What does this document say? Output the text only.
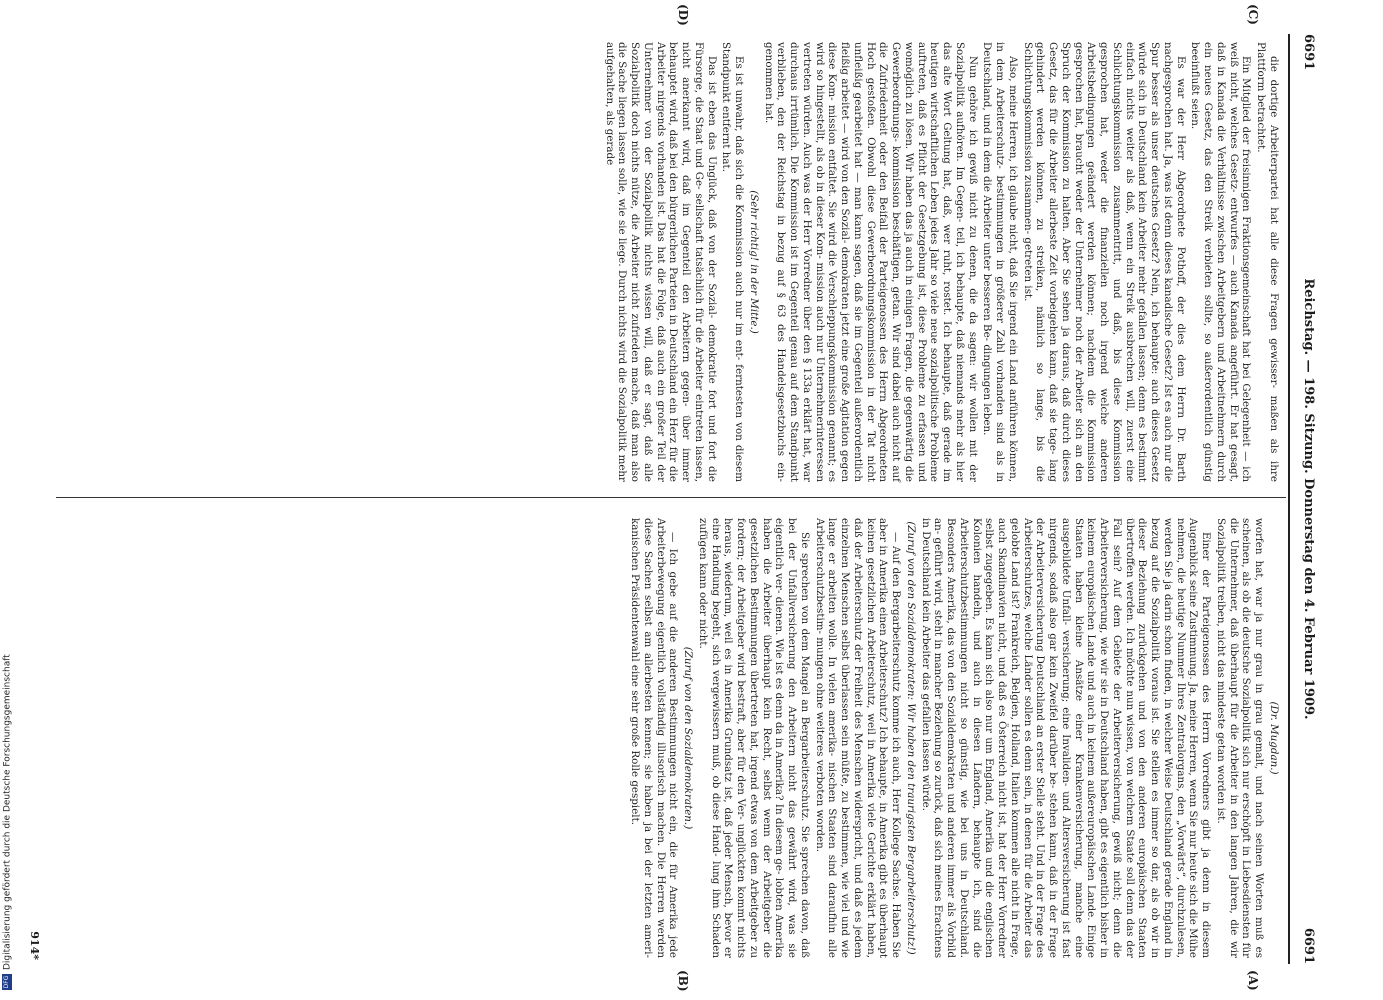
6691
Reichstag. — 198. Sitzung. Donnerstag den 4. Februar 1909.
6691
(C)
(D)
(A)
(B)

die dortige Arbeiterpartei hat alle diese Fragen gewisser- maßen als ihre Plattform betrachtet.

Ein Mitglied der freisinnigen Fraktionsgemeinschaft hat bei Gelegenheit — ich weiß nicht, welches Gesetz- entwurfes — auch Kanada angeführt. Er hat gesagt, daß in Kanada die Verhältnisse zwischen Arbeitgebern und Arbeitnehmern durch ein neues Gesetz, das den Streik verbieten sollte, so außerordentlich günstig beeinflußt seien.

Es war der Herr Abgeordnete Pothoff, der dies dem Herrn Dr. Barth nachgesprochen hat. Ja, was ist denn dieses kanadische Gesetz? Ist es auch nur die Spur besser als unser deutsches Gesetz? Nein, ich behaupte: auch dieses Gesetz würde sich in Deutschland kein Arbeiter mehr gefallen lassen; denn es bestimmt einfach nichts weiter als daß, wenn ein Streik ausbrechen will, zuerst eine Schlichtungskommission zusammentritt, und daß, bis diese Kommission gesprochen hat, weder die finanziellen noch irgend welche anderen Arbeitsbedingungen geändert werden können; nachdem die Kommission gesprochen hat, braucht weder der Unternehmer noch der Arbeiter sich an den Spruch der Kommission zu halten. Aber Sie sehen ja daraus, daß durch dieses Gesetz, das für die Arbeiter allerbeste Zeit vorbeigehen kann, daß sie tage- lang gehindert werden können, zu streiken, nämlich so lange, bis die Schlichtungskommission zusammen- getreten ist.

Also, meine Herren, ich glaube nicht, daß Sie irgend ein Land anführen können, in dem Arbeiterschutz- bestimmungen in größerer Zahl vorhanden sind als in Deutschland, und in dem die Arbeiter unter besseren Be- dingungen leben.

Nun gehöre ich gewiß nicht zu denen, die da sagen: wir wollen mit der Sozialpolitik aufhören. Im Gegen- teil, ich behaupte, daß niemands mehr als hier das alte Wort Geltung hat, daß, wer ruht, rostet. Ich behaupte, daß gerade im heutigen wirtschaftlichen Leben jedes Jahr so viele neue sozialpolitische Probleme auftreten, daß es Pflicht der Gesetzgebung ist, diese Probleme zu erfassen und womöglich zu lösen. Wir haben das ja auch in einigen Fragen, die gegenwärtig die Gewerbeordnungs- kommission beschäftigen, getan. Wir sind dabei auch nicht auf die Zufriedenheit oder den Beifall der Parteigenossen des Herrn Abgeordneten Hoch gestoßen. Obwohl diese Gewerbeordnungskommission in der Tat nicht unfleißig gearbeitet hat — man kann sagen, daß sie im Gegenteil außerordentlich fleißig arbeitet — wird von den Sozial- demokraten jetzt eine große Agitation gegen diese Kom- mission entfaltet. Sie wird die Verschleppungskommission genannt; es wird so hingestellt, als ob in dieser Kom- mission auch nur Unternehmerinteressen vertreten würden. Auch was der Herr Vorredner über den § 133a erklärt hat, war durchaus irrtümlich. Die Kommission ist im Gegenteil genau auf dem Standpunkt verblieben, den der Reichstag in bezug auf § 63 des Handelsgesetzbuchs ein- genommen hat.

(Sehr richtig! in der Mitte.)

Es ist unwahr, daß sich die Kommission auch nur im ent- ferntesten von diesem Standpunkt entfernt hat.

Das ist eben das Unglück, daß von der Sozial- demokratie fort und fort die Fürsorge, die Staat und Ge- sellschaft tatsächlich für die Arbeiter eintreten lassen, nicht anerkannt wird, daß im Gegenteil den Arbeitern gegen- über immer behauptet wird, daß bei den bürgerlichen Parteien in Deutschland ein Herz für die Arbeiter nirgends vorhanden ist. Das hat die Folge, daß auch ein großer Teil der Unternehmer von der Sozialpolitik nichts wissen will, daß er sagt, daß alle Sozialpolitik doch nichts nütze, die Arbeiter nicht zufrieden mache, daß man also die Sache liegen lassen solle, wie sie liege. Durch nichts wird die Sozialpolitik mehr aufgehalten, als gerade

(Dr. Mugdan.)

worfen hat, war ja nur grau in grau gemalt, und nach seinen Worten muß es scheinen, als ob die deutsche Sozialpolitik sich nur erschöpft in Liebesdiensten für die Unternehmer, daß überhaupt für die Arbeiter in den langen Jahren, die wir Sozialpolitik treiben, nicht das mindeste getan worden ist.

Einer der Parteigenossen des Herrn Vorredners gibt ja denn in diesem Augenblick seine Zustimmung. Ja, meine Herren, wenn Sie nur heute sich die Mühe nehmen, die heutige Nummer Ihres Zentralorgans, den „Vorwärts“, durchzulesen, werden Sie ja darin schon finden, in welcher Weise Deutschland gerade England in bezug auf die Sozialpolitik voraus ist. Sie stellen es immer so dar, als ob wir in dieser Beziehung zurückgehen und von den anderen europäischen Staaten übertroffen werden. Ich möchte nun wissen, von welchem Staate soll denn das der Fall sein? Auf dem Gebiete der Arbeiterversicherung, gewiß nicht; denn die Arbeiterversicherung, wie wir sie in Deutschland haben, gibt es eigentlich bisher in keinem europäischen Lande und auch in keinem außereuropäischen Lande. Einige Staaten haben kleine Ansätze einer Krankenversicherung, manche eine ausgebildete Unfall- versicherung; eine Invaliden- und Altersversicherung ist fast nirgends, sodaß also gar kein Zweifel darüber be- stehen kann, daß in der Frage der Arbeiterversicherung Deutschland an erster Stelle steht. Und in der Frage des Arbeiterschutzes, welche Länder sollen es denn sein, in denen für die Arbeiter das gelobte Land ist? Frankreich, Belgien, Holland, Italien kommen alle nicht in Frage, auch Skandinavien nicht, und daß es Österreich nicht ist, hat der Herr Vorredner selbst zugegeben. Es kann sich also nur um England, Amerika und die englischen Kolonien handeln, und auch in diesen Ländern, behaupte ich, sind die Arbeiterschutzbestimmungen nicht so günstig, wie bei uns in Deutschland. Besonders Amerika, das von den Sozialdemokraten und anderen immer als Vorbild an- geführt wird, steht in mancher Beziehung so zurück, daß sich meines Erachtens in Deutschland kein Arbeiter das gefallen lassen würde.

(Zuruf von den Sozialdemokraten: Wir haben den traurigsten Bergarbeiterschutz!)

— Auf den Bergarbeiterschutz komme ich auch, Herr Kollege Sachse. Haben Sie aber in Amerika einen Arbeiterschutz? Ich behaupte, in Amerika gibt es überhaupt keinen gesetzlichen Arbeiterschutz, weil in Amerika viele Gerichte erklärt haben, daß der Arbeiterschutz der Freiheit des Menschen widerspricht, und daß es jedem einzelnen Menschen selbst überlassen sein müßte, zu bestimmen, wie viel und wie lange er arbeiten wolle. In vielen amerika- nischen Staaten sind daraufhin alle Arbeiterschutzbestim- mungen ohne weiteres verboten worden.

Sie sprechen von dem Mangel an Bergarbeiterschutz. Sie sprechen davon, daß bei der Unfallversicherung den Arbeitern nicht das gewährt wird, was sie eigentlich ver- dienen. Wie ist es denn da in Amerika? In diesem ge- lobten Amerika haben die Arbeiter überhaupt kein Recht, selbst wenn der Arbeitgeber die gesetzlichen Bestimmungen übertreten hat, irgend etwas von dem Arbeitgeber zu fordern; der Arbeitgeber wird bestraft, aber für den Ver- unglückten kommt nichts heraus, wiederum, weil es in Amerika Grundsatz ist, daß jeder Mensch, bevor er eine Handlung begeht, sich vergewissern muß, ob diese Hand- lung ihm Schaden zufügen kann oder nicht.

(Zuruf von den Sozialdemokraten.)

— Ich gebe auf die anderen Bestimmungen nicht ein, die für Amerika jede Arbeiterbewegung eigentlich vollständig illusorisch machen. Die Herren werden diese Sachen selbst am allerbesten kennen; sie haben ja bei der letzten ameri- kanischen Präsidentenwahl eine sehr große Rolle gespielt.

914*
DFGDigitalisierung gefördert durch die Deutsche Forschungsgemeinschaft
